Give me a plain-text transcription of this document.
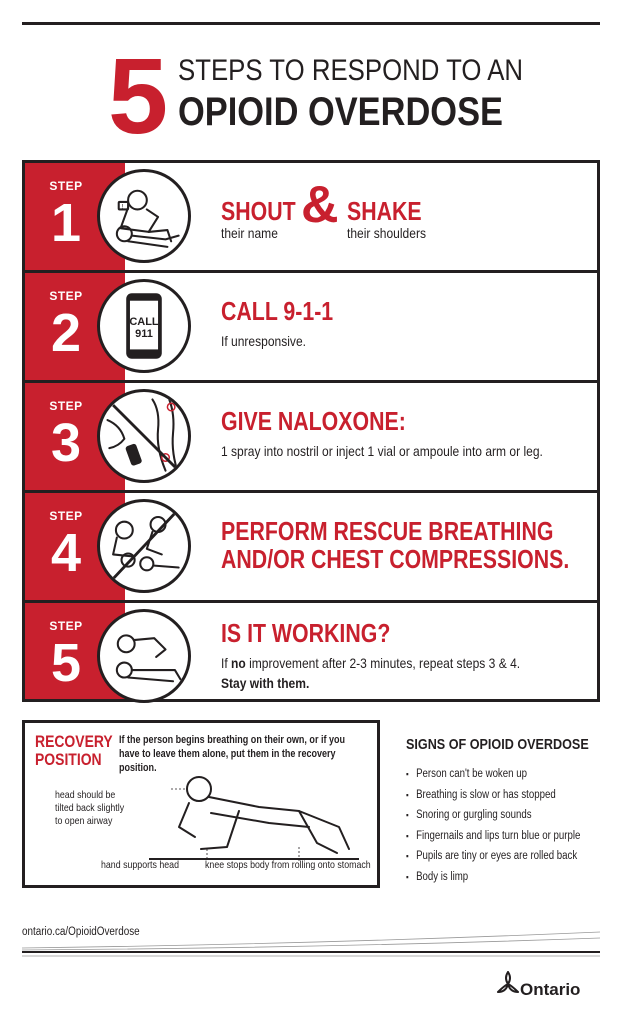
5 STEPS TO RESPOND TO AN
OPIOID OVERDOSE
STEP
1	!	SHOUT & SHAKE
their name	their shoulders
STEP
2	CALL
911
CALL 9-1-1
If unresponsive.
STEP
3	GIVE NALOXONE:
1 spray into nostril or inject 1 vial or ampoule into arm or leg.
STEP
4	PERFORM RESCUE BREATHING
AND/OR CHEST COMPRESSIONS.
STEP
5	IS IT WORKING?
If no improvement after 2-3 minutes, repeat steps 3 & 4.
Stay with them.
RECOVERY
POSITION
If the person begins breathing on their own, or if you have to leave them alone, put them in the recovery position.
head should be
tilted back slightly
to open airway
hand supports head knee stops body from rolling onto stomach
SIGNS OF OPIOID OVERDOSE
▪ Person can't be woken up
▪ Breathing is slow or has stopped
▪ Snoring or gurgling sounds
▪ Fingernails and lips turn blue or purple
▪ Pupils are tiny or eyes are rolled back
▪ Body is limp
ontario.ca/OpioidOverdose
Ontario
